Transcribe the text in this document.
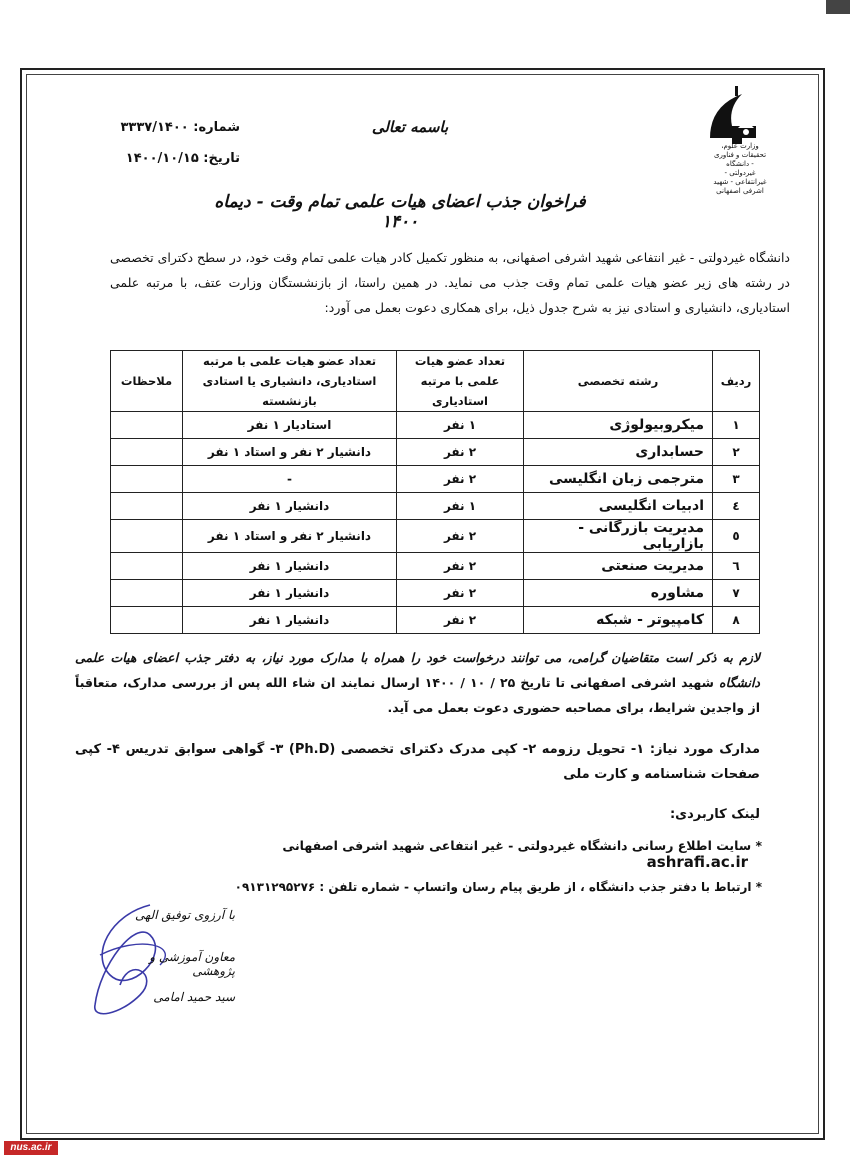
وزارت علوم، تحقیقات و فناوری - دانشگاه غیردولتی - غیرانتفاعی - شهید اشرفی اصفهانی
باسمه تعالی
شماره: ۳۳۳۷/۱۴۰۰
تاریخ: ۱۴۰۰/۱۰/۱۵
فراخوان جذب اعضای هیات علمی تمام وقت - دیماه ۱۴۰۰
دانشگاه غیردولتی - غیر انتفاعی شهید اشرفی اصفهانی، به منظور تکمیل کادر هیات علمی تمام وقت خود، در سطح دکترای تخصصی در رشته های زیر عضو هیات علمی تمام وقت جذب می نماید. در همین راستا، از بازنشستگان وزارت عتف، با مرتبه علمی استادیاری، دانشیاری و استادی نیز به شرح جدول ذیل، برای همکاری دعوت بعمل می آورد:
ردیف	رشته تخصصی	تعداد عضو هیات علمی با مرتبه استادیاری	تعداد عضو هیات علمی با مرتبه استادیاری، دانشیاری یا استادی بازنشسته	ملاحظات
۱	میکروبیولوژی	۱ نفر	استادیار ۱ نفر	
۲	حسابداری	۲ نفر	دانشیار ۲ نفر و استاد ۱ نفر	
۳	مترجمی زبان انگلیسی	۲ نفر	-	
٤	ادبیات انگلیسی	۱ نفر	دانشیار ۱ نفر	
٥	مدیریت بازرگانی - بازاریابی	۲ نفر	دانشیار ۲ نفر و استاد ۱ نفر	
٦	مدیریت صنعتی	۲ نفر	دانشیار ۱ نفر	
۷	مشاوره	۲ نفر	دانشیار ۱ نفر	
۸	کامپیوتر - شبکه	۲ نفر	دانشیار ۱ نفر	
لازم به ذکر است متقاضیان گرامی، می توانند درخواست خود را همراه با مدارک مورد نیاز، به دفتر جذب اعضای هیات علمی دانشگاه شهید اشرفی اصفهانی تا تاریخ ۲۵ / ۱۰ / ۱۴۰۰ ارسال نمایند ان شاء الله پس از بررسی مدارک، متعاقباً از واجدین شرایط، برای مصاحبه حضوری دعوت بعمل می آید.
مدارک مورد نیاز: ۱- تحویل رزومه ۲- کپی مدرک دکترای تخصصی (Ph.D) ۳- گواهی سوابق تدریس ۴- کپی صفحات شناسنامه و کارت ملی
لینک کاربردی:
* سایت اطلاع رسانی دانشگاه غیردولتی - غیر انتفاعی شهید اشرفی اصفهانی ashrafi.ac.ir
* ارتباط با دفتر جذب دانشگاه ، از طریق پیام رسان واتساپ - شماره تلفن : ۰۹۱۳۱۲۹۵۲۷۶
با آرزوی توفیق الهی
معاون آموزشی و پژوهشی
سید حمید امامی
nus.ac.ir
